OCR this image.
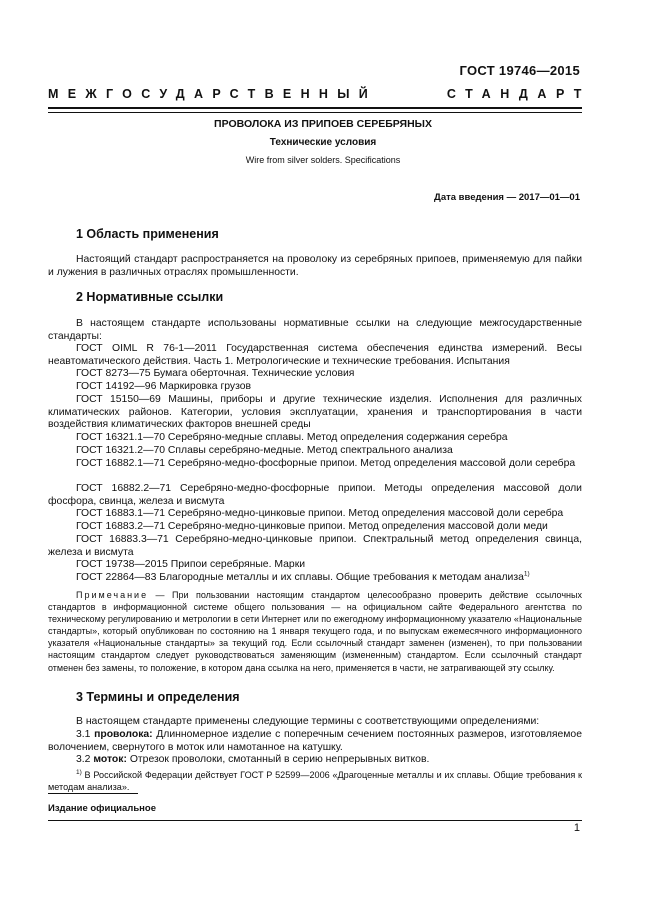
ГОСТ 19746—2015
МЕЖГОСУДАРСТВЕННЫЙ	СТАНДАРТ
ПРОВОЛОКА ИЗ ПРИПОЕВ СЕРЕБРЯНЫХ
Технические условия
Wire from silver solders. Specifications
Дата введения — 2017—01—01
1 Область применения
Настоящий стандарт распространяется на проволоку из серебряных припоев, применяемую для пайки и лужения в различных отраслях промышленности.
2 Нормативные ссылки
В настоящем стандарте использованы нормативные ссылки на следующие межгосударственные стандарты:
ГОСТ OIML R 76-1—2011 Государственная система обеспечения единства измерений. Весы неавтоматического действия. Часть 1. Метрологические и технические требования. Испытания
ГОСТ 8273—75 Бумага оберточная. Технические условия
ГОСТ 14192—96 Маркировка грузов
ГОСТ 15150—69 Машины, приборы и другие технические изделия. Исполнения для различных климатических районов. Категории, условия эксплуатации, хранения и транспортирования в части воздействия климатических факторов внешней среды
ГОСТ 16321.1—70 Серебряно-медные сплавы. Метод определения содержания серебра
ГОСТ 16321.2—70 Сплавы серебряно-медные. Метод спектрального анализа
ГОСТ 16882.1—71 Серебряно-медно-фосфорные припои. Метод определения массовой доли серебра
ГОСТ 16882.2—71 Серебряно-медно-фосфорные припои. Методы определения массовой доли фосфора, свинца, железа и висмута
ГОСТ 16883.1—71 Серебряно-медно-цинковые припои. Метод определения массовой доли серебра
ГОСТ 16883.2—71 Серебряно-медно-цинковые припои. Метод определения массовой доли меди
ГОСТ 16883.3—71 Серебряно-медно-цинковые припои. Спектральный метод определения свинца, железа и висмута
ГОСТ 19738—2015 Припои серебряные. Марки
ГОСТ 22864—83 Благородные металлы и их сплавы. Общие требования к методам анализа$^{1)}$
Примечание — При пользовании настоящим стандартом целесообразно проверить действие ссылочных стандартов в информационной системе общего пользования — на официальном сайте Федерального агентства по техническому регулированию и метрологии в сети Интернет или по ежегодному информационному указателю «Национальные стандарты», который опубликован по состоянию на 1 января текущего года, и по выпускам ежемесячного информационного указателя «Национальные стандарты» за текущий год. Если ссылочный стандарт заменен (изменен), то при пользовании настоящим стандартом следует руководствоваться заменяющим (измененным) стандартом. Если ссылочный стандарт отменен без замены, то положение, в котором дана ссылка на него, применяется в части, не затрагивающей эту ссылку.
3 Термины и определения
В настоящем стандарте применены следующие термины с соответствующими определениями:
3.1 проволока: Длинномерное изделие с поперечным сечением постоянных размеров, изготовляемое волочением, свернутого в моток или намотанное на катушку.
3.2 моток: Отрезок проволоки, смотанный в серию непрерывных витков.
$^{1)}$ В Российской Федерации действует ГОСТ Р 52599—2006 «Драгоценные металлы и их сплавы. Общие требования к методам анализа».
Издание официальное
1
